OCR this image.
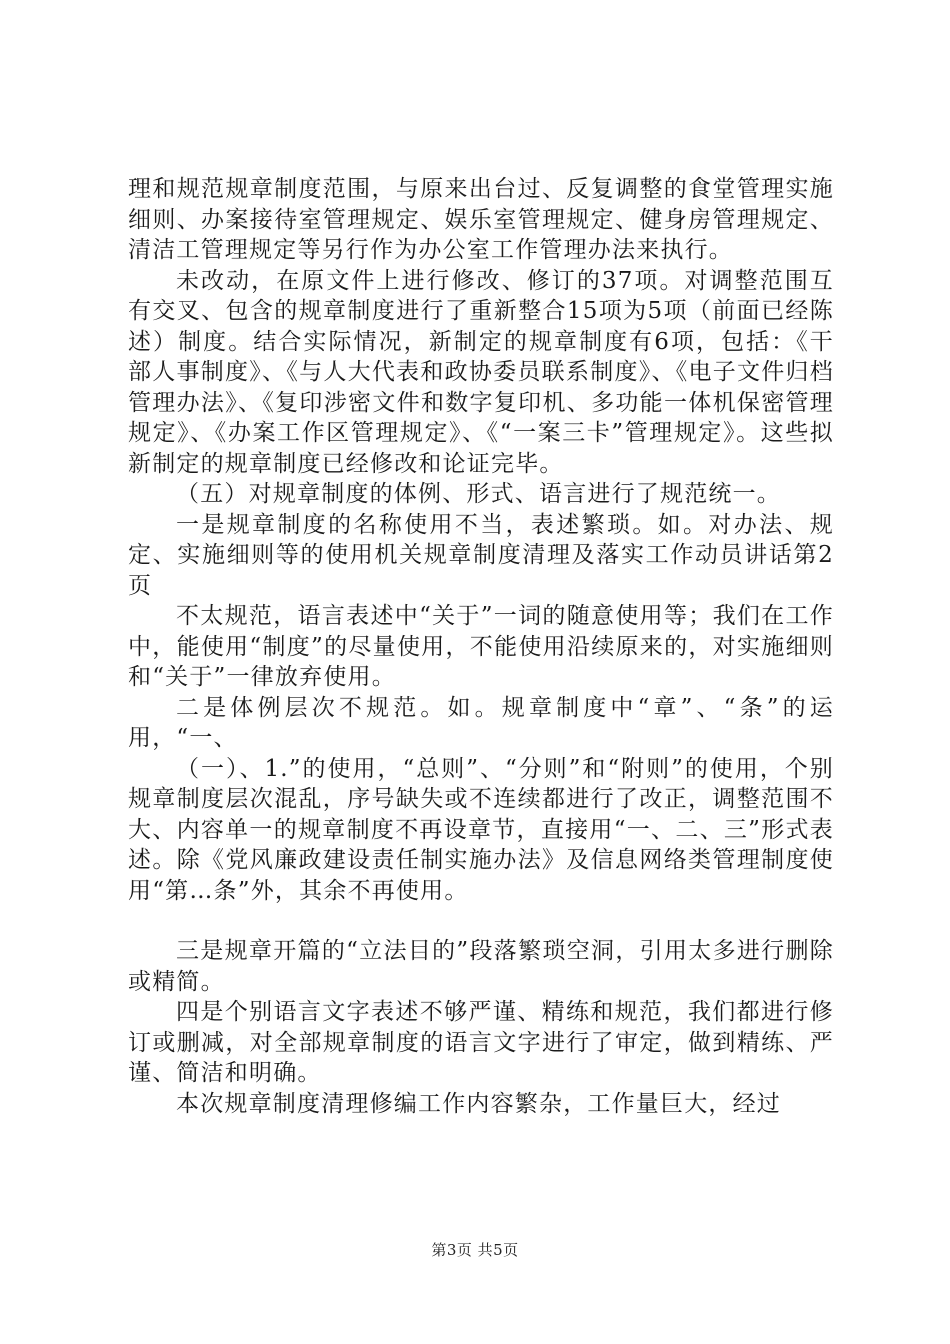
理和规范规章制度范围，与原来出台过、反复调整的食堂管理实施细则、办案接待室管理规定、娱乐室管理规定、健身房管理规定、清洁工管理规定等另行作为办公室工作管理办法来执行。

未改动，在原文件上进行修改、修订的37项。对调整范围互有交叉、包含的规章制度进行了重新整合15项为5项（前面已经陈述）制度。结合实际情况，新制定的规章制度有6项，包括：《干部人事制度》、《与人大代表和政协委员联系制度》、《电子文件归档管理办法》、《复印涉密文件和数字复印机、多功能一体机保密管理规定》、《办案工作区管理规定》、《“一案三卡”管理规定》。这些拟新制定的规章制度已经修改和论证完毕。

（五）对规章制度的体例、形式、语言进行了规范统一。

一是规章制度的名称使用不当，表述繁琐。如。对办法、规定、实施细则等的使用机关规章制度清理及落实工作动员讲话第2页

不太规范，语言表述中“关于”一词的随意使用等；我们在工作中，能使用“制度”的尽量使用，不能使用沿续原来的，对实施细则和“关于”一律放弃使用。

二是体例层次不规范。如。规章制度中“章”、“条”的运用，“一、

（一）、1.”的使用，“总则”、“分则”和“附则”的使用，个别规章制度层次混乱，序号缺失或不连续都进行了改正，调整范围不大、内容单一的规章制度不再设章节，直接用“一、二、三”形式表述。除《党风廉政建设责任制实施办法》及信息网络类管理制度使用“第…条”外，其余不再使用。

三是规章开篇的“立法目的”段落繁琐空洞，引用太多进行删除或精简。

四是个别语言文字表述不够严谨、精练和规范，我们都进行修订或删减，对全部规章制度的语言文字进行了审定，做到精练、严谨、简洁和明确。

本次规章制度清理修编工作内容繁杂，工作量巨大，经过

第3页 共5页
